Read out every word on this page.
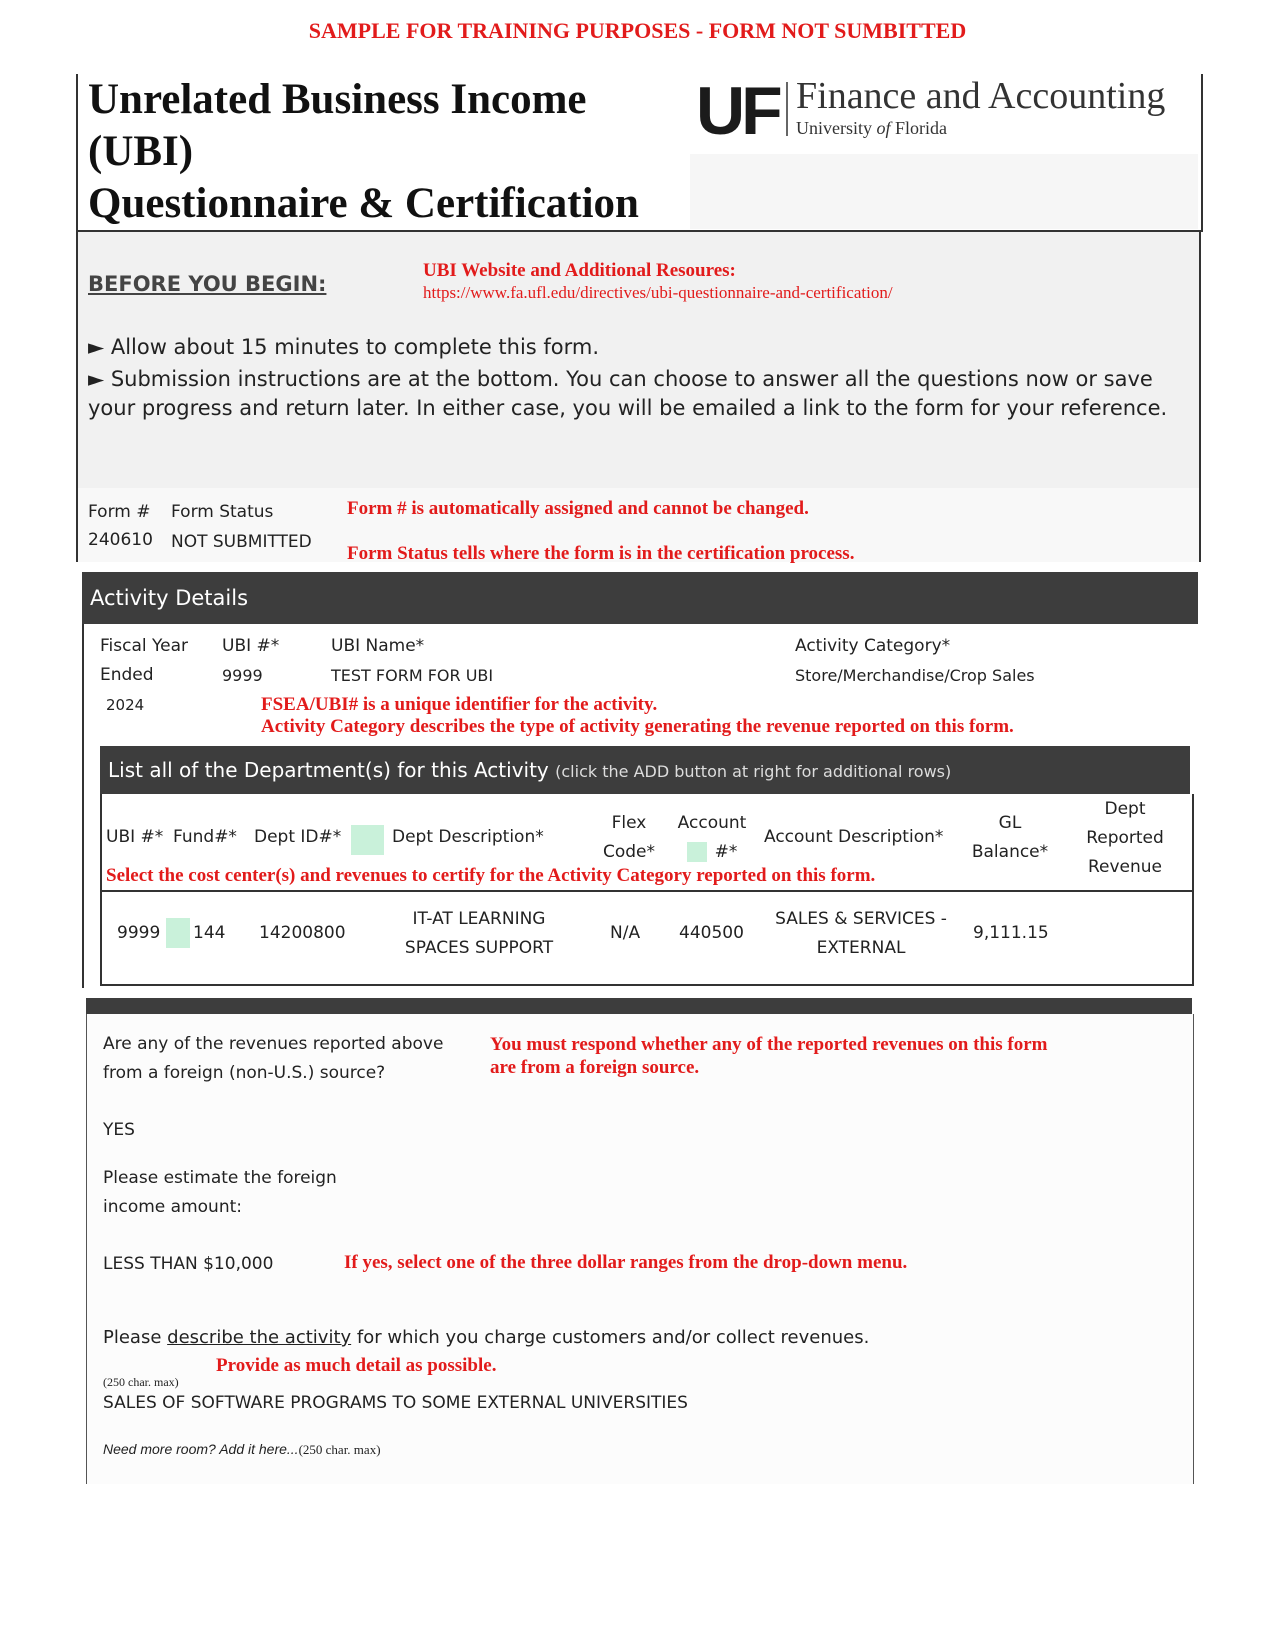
SAMPLE FOR TRAINING PURPOSES - FORM NOT SUMBITTED
Unrelated Business Income
(UBI)
Questionnaire & Certification
UF Finance and Accounting
University of Florida
BEFORE YOU BEGIN:
UBI Website and Additional Resoures:
https://www.fa.ufl.edu/directives/ubi-questionnaire-and-certification/

► Allow about 15 minutes to complete this form.

► Submission instructions are at the bottom. You can choose to answer all the questions now or save your progress and return later. In either case, you will be emailed a link to the form for your reference.

Form #
240610
Form Status
NOT SUBMITTED
Form # is automatically assigned and cannot be changed.
Form Status tells where the form is in the certification process.
Activity Details
Fiscal Year
Ended
2024
UBI #*
9999
UBI Name*
TEST FORM FOR UBI
Activity Category*
Store/Merchandise/Crop Sales
FSEA/UBI# is a unique identifier for the activity.
Activity Category describes the type of activity generating the revenue reported on this form.
List all of the Department(s) for this Activity (click the ADD button at right for additional rows)
UBI #* Fund#* Dept ID#*	Dept Description*
Flex
Code*
Account
#*
Account Description*
GL
Balance*
Dept
Reported
Revenue
Select the cost center(s) and revenues to certify for the Activity Category reported on this form.
9999 144 14200800
IT-AT LEARNING
SPACES SUPPORT
N/A 440500
SALES & SERVICES -
EXTERNAL
9,111.15
Are any of the revenues reported above
from a foreign (non-U.S.) source?
You must respond whether any of the reported revenues on this form
are from a foreign source.
YES
Please estimate the foreign
income amount:
LESS THAN $10,000	If yes, select one of the three dollar ranges from the drop-down menu.
Please describe the activity for which you charge customers and/or collect revenues.
(250 char. max)
Provide as much detail as possible.
SALES OF SOFTWARE PROGRAMS TO SOME EXTERNAL UNIVERSITIES
Need more room? Add it here...(250 char. max)
